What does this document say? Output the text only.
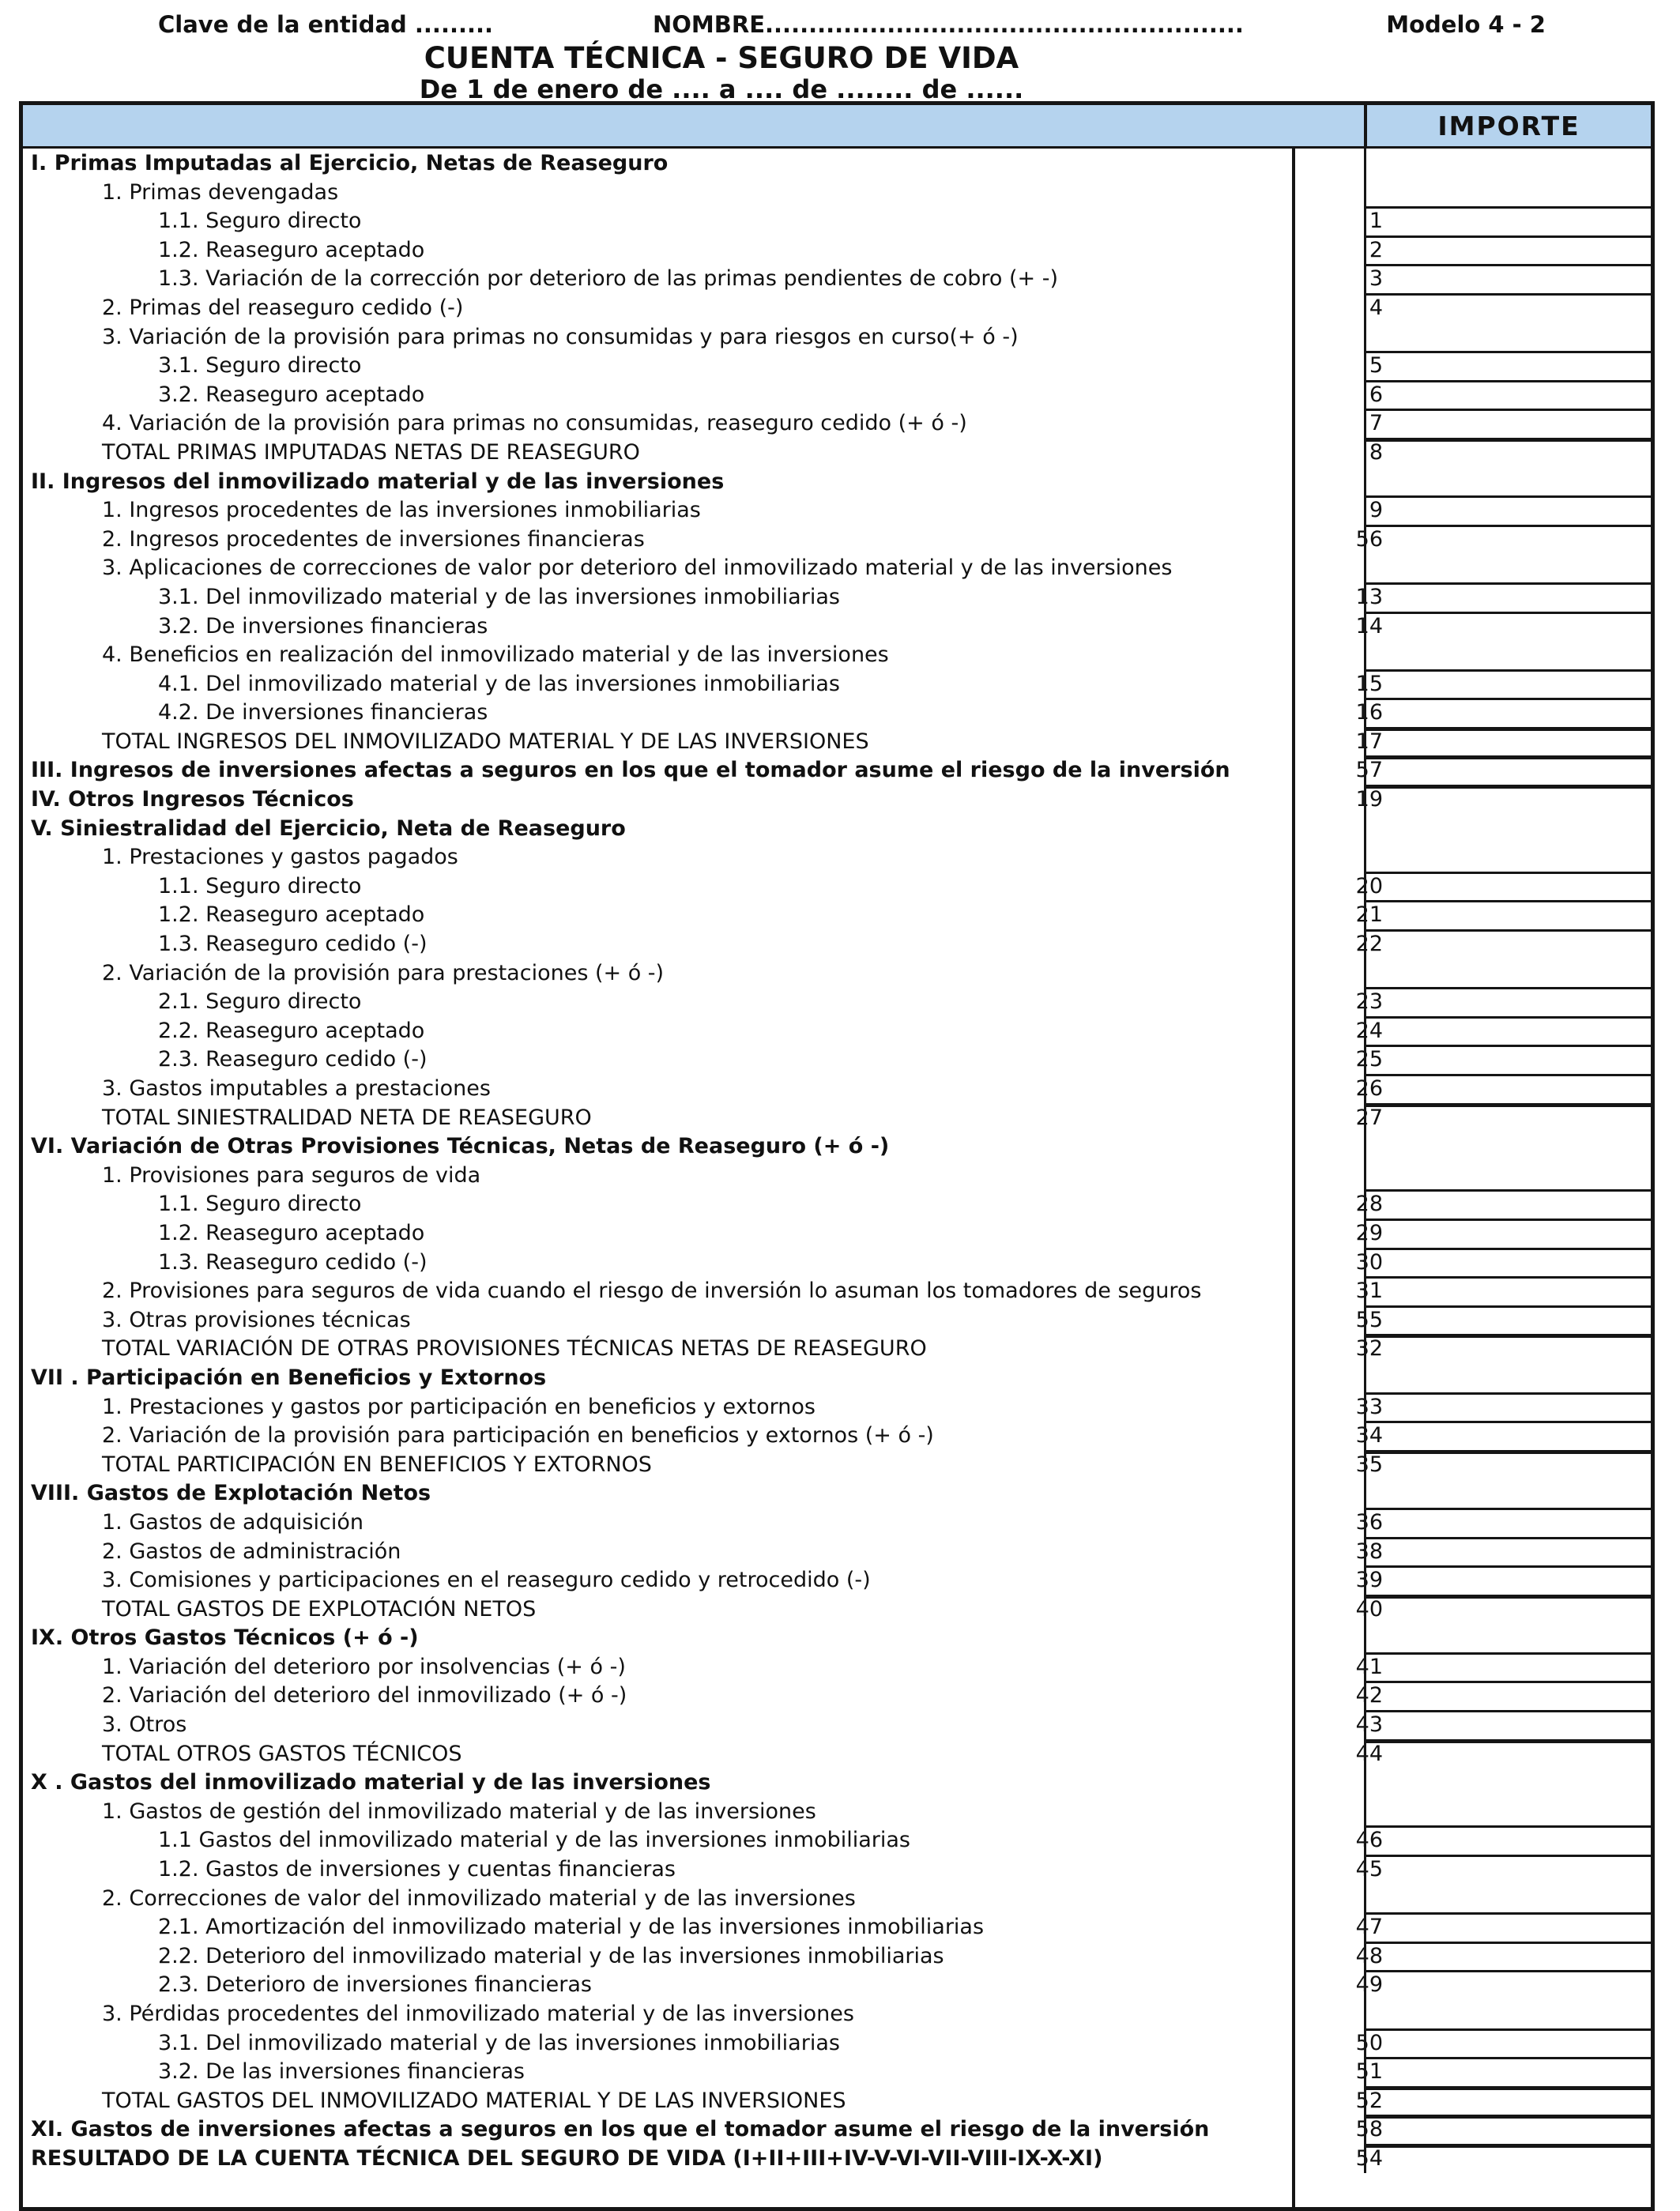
Clave de la entidad .........	NOMBRE.......................................................	Modelo 4 - 2
CUENTA TÉCNICA - SEGURO DE VIDA
De 1 de enero de .... a .... de ........ de ......
IMPORTE
I. Primas Imputadas al Ejercicio, Netas de Reaseguro
1. Primas devengadas
1.1. Seguro directo	1
1.2. Reaseguro aceptado	2
1.3. Variación de la corrección por deterioro de las primas pendientes de cobro (+ -)	3
2. Primas del reaseguro cedido (-)	4
3. Variación de la provisión para primas no consumidas y para riesgos en curso(+ ó -)
3.1. Seguro directo	5
3.2. Reaseguro aceptado	6
4. Variación de la provisión para primas no consumidas, reaseguro cedido (+ ó -)	7
TOTAL PRIMAS IMPUTADAS NETAS DE REASEGURO	8
II. Ingresos del inmovilizado material y de las inversiones
1. Ingresos procedentes de las inversiones inmobiliarias	9
2. Ingresos procedentes de inversiones financieras	56
3. Aplicaciones de correcciones de valor por deterioro del inmovilizado material y de las inversiones
3.1. Del inmovilizado material y de las inversiones inmobiliarias	13
3.2. De inversiones financieras	14
4. Beneficios en realización del inmovilizado material y de las inversiones
4.1. Del inmovilizado material y de las inversiones inmobiliarias	15
4.2. De inversiones financieras	16
TOTAL INGRESOS DEL INMOVILIZADO MATERIAL Y DE LAS INVERSIONES	17
III. Ingresos de inversiones afectas a seguros en los que el tomador asume el riesgo de la inversión	57
IV. Otros Ingresos Técnicos	19
V. Siniestralidad del Ejercicio, Neta de Reaseguro
1. Prestaciones y gastos pagados
1.1. Seguro directo	20
1.2. Reaseguro aceptado	21
1.3. Reaseguro cedido (-)	22
2. Variación de la provisión para prestaciones (+ ó -)
2.1. Seguro directo	23
2.2. Reaseguro aceptado	24
2.3. Reaseguro cedido (-)	25
3. Gastos imputables a prestaciones	26
TOTAL SINIESTRALIDAD NETA DE REASEGURO	27
VI. Variación de Otras Provisiones Técnicas, Netas de Reaseguro (+ ó -)
1. Provisiones para seguros de vida
1.1. Seguro directo	28
1.2. Reaseguro aceptado	29
1.3. Reaseguro cedido (-)	30
2. Provisiones para seguros de vida cuando el riesgo de inversión lo asuman los tomadores de seguros	31
3. Otras provisiones técnicas	55
TOTAL VARIACIÓN DE OTRAS PROVISIONES TÉCNICAS NETAS DE REASEGURO	32
VII . Participación en Beneficios y Extornos
1. Prestaciones y gastos por participación en beneficios y extornos	33
2. Variación de la provisión para participación en beneficios y extornos (+ ó -)	34
TOTAL PARTICIPACIÓN EN BENEFICIOS Y EXTORNOS	35
VIII. Gastos de Explotación Netos
1. Gastos de adquisición	36
2. Gastos de administración	38
3. Comisiones y participaciones en el reaseguro cedido y retrocedido (-)	39
TOTAL GASTOS DE EXPLOTACIÓN NETOS	40
IX. Otros Gastos Técnicos (+ ó -)
1. Variación del deterioro por insolvencias (+ ó -)	41
2. Variación del deterioro del inmovilizado (+ ó -)	42
3. Otros	43
TOTAL OTROS GASTOS TÉCNICOS	44
X . Gastos del inmovilizado material y de las inversiones
1. Gastos de gestión del inmovilizado material y de las inversiones
1.1 Gastos del inmovilizado material y de las inversiones inmobiliarias	46
1.2. Gastos de inversiones y cuentas financieras	45
2. Correcciones de valor del inmovilizado material y de las inversiones
2.1. Amortización del inmovilizado material y de las inversiones inmobiliarias	47
2.2. Deterioro del inmovilizado material y de las inversiones inmobiliarias	48
2.3. Deterioro de inversiones financieras	49
3. Pérdidas procedentes del inmovilizado material y de las inversiones
3.1. Del inmovilizado material y de las inversiones inmobiliarias	50
3.2. De las inversiones financieras	51
TOTAL GASTOS DEL INMOVILIZADO MATERIAL Y DE LAS INVERSIONES	52
XI. Gastos de inversiones afectas a seguros en los que el tomador asume el riesgo de la inversión	58
RESULTADO DE LA CUENTA TÉCNICA DEL SEGURO DE VIDA (I+II+III+IV-V-VI-VII-VIII-IX-X-XI)	54
